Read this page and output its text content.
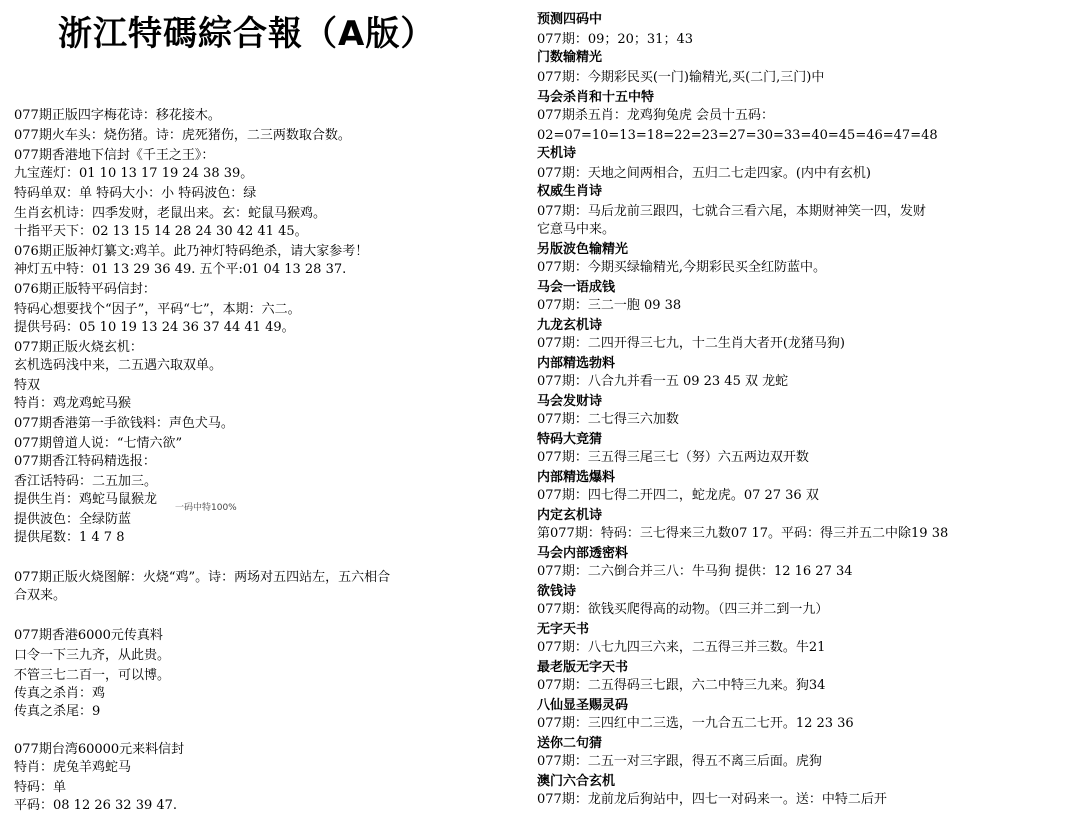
浙江特碼綜合報（A版）
077期正版四字梅花诗：移花接木。
077期火车头：烧伤猪。诗：虎死猪伤，二三两数取合数。
077期香港地下信封《千王之王》：
九宝莲灯：01 10 13 17 19 24 38 39。
特码单双：单 特码大小：小 特码波色：绿
生肖玄机诗：四季发财，老鼠出来。玄：蛇鼠马猴鸡。
十指平天下：02 13 15 14 28 24 30 42 41 45。
076期正版神灯纂文:鸡羊。此乃神灯特码绝杀，请大家参考！
神灯五中特：01 13 29 36 49. 五个平:01 04 13 28 37.
076期正版特平码信封：
特码心想要找个“因子”，平码“七”，本期：六二。
提供号码：05 10 19 13 24 36 37 44 41 49。
077期正版火烧玄机：
玄机选码浅中来，二五遇六取双单。
特双
特肖：鸡龙鸡蛇马猴
077期香港第一手欲钱料：声色犬马。
077期曾道人说：“七情六欲”
077期香江特码精选报：
香江话特码：二五加三。
提供生肖：鸡蛇马鼠猴龙
提供波色：全绿防蓝
提供尾数：1 4 7 8
077期正版火烧图解：火烧“鸡”。诗：两场对五四站左，五六相合
合双来。
077期香港6000元传真料
口令一下三九齐，从此贵。
不管三七二百一，可以博。
传真之杀肖：鸡
传真之杀尾：9
077期台湾60000元来料信封
特肖：虎兔羊鸡蛇马
特码：单
平码：08 12 26 32 39 47.
预测四码中
077期：09；20；31；43
门数输精光
077期：今期彩民买(一门)输精光,买(二门,三门)中
马会杀肖和十五中特
077期杀五肖：龙鸡狗兔虎 会员十五码：
02=07=10=13=18=22=23=27=30=33=40=45=46=47=48
天机诗
077期：天地之间两相合，五归二七走四家。(内中有玄机)
权威生肖诗
077期：马后龙前三跟四，七就合三看六尾，本期财神笑一四，发财
它意马中来。
另版波色输精光
077期：今期买绿输精光,今期彩民买全红防蓝中。
马会一语成钱
077期：三二一胞 09 38
九龙玄机诗
077期：二四开得三七九，十二生肖大者开(龙猪马狗)
内部精选勃料
077期：八合九并看一五 09 23 45 双 龙蛇
马会发财诗
077期：二七得三六加数
特码大竞猜
077期：三五得三尾三七（努）六五两边双开数
内部精选爆料
077期：四七得二开四二，蛇龙虎。07 27 36 双
内定玄机诗
第077期：特码：三七得来三九数07 17。平码：得三并五二中除19 38
马会内部透密料
077期：二六倒合并三八：牛马狗 提供：12 16 27 34
欲钱诗
077期：欲钱买爬得高的动物。（四三并二到一九）
无字天书
077期：八七九四三六来，二五得三并三数。牛21
最老版无字天书
077期：二五得码三七跟，六二中特三九来。狗34
八仙显圣赐灵码
077期：三四红中二三选，一九合五二七开。12 23 36
送你二句猜
077期：二五一对三字跟，得五不离三后面。虎狗
澳门六合玄机
077期：龙前龙后狗站中，四七一对码来一。送：中特二后开
一码中特100%
